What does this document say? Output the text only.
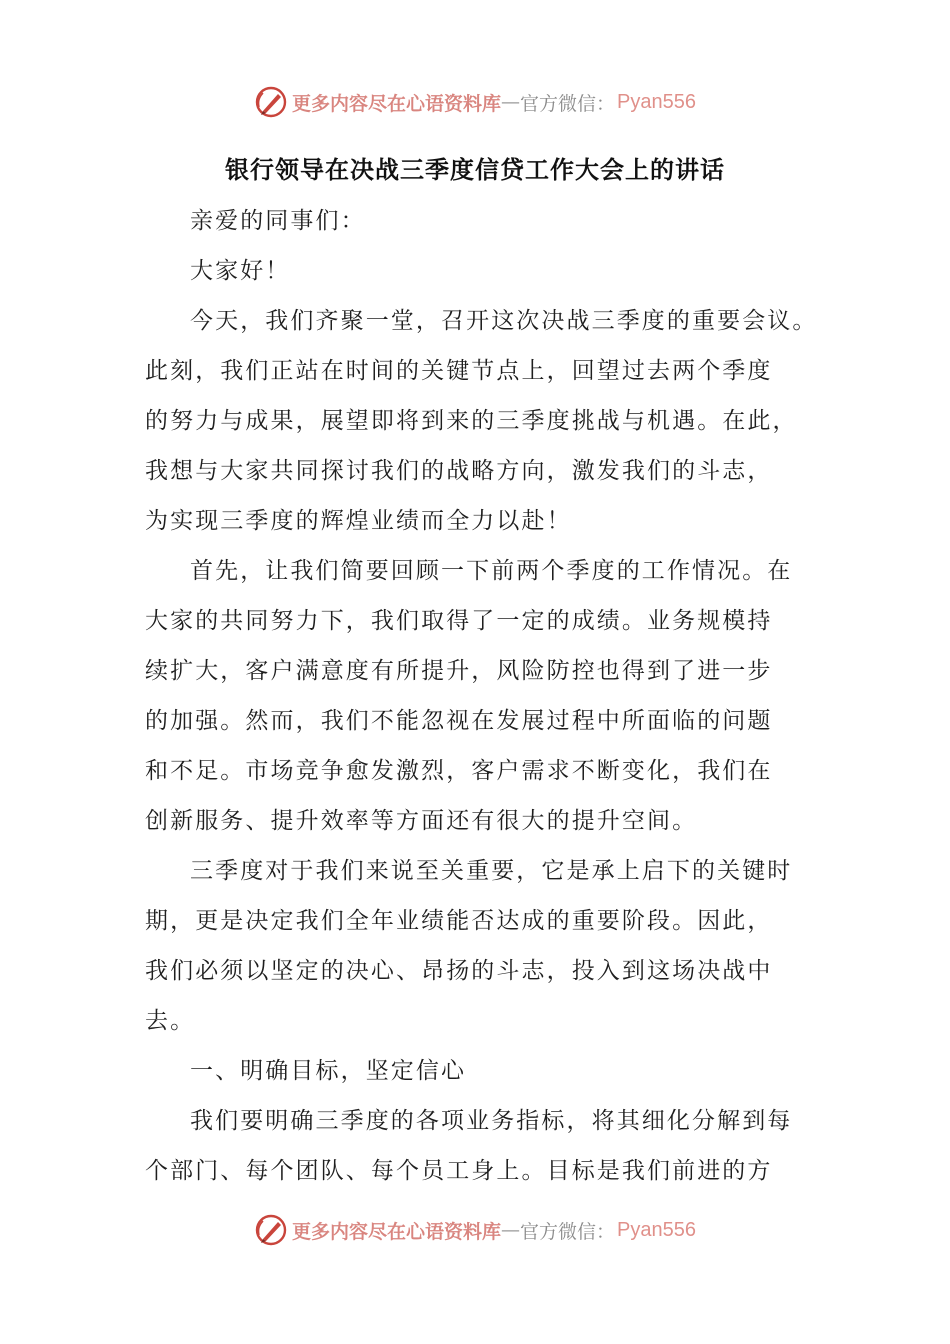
更多内容尽在心语资料库 — 官方微信： Pyan556
银行领导在决战三季度信贷工作大会上的讲话
亲爱的同事们：
大家好！
今天，我们齐聚一堂，召开这次决战三季度的重要会议。
此刻，我们正站在时间的关键节点上，回望过去两个季度
的努力与成果，展望即将到来的三季度挑战与机遇。在此，
我想与大家共同探讨我们的战略方向，激发我们的斗志，
为实现三季度的辉煌业绩而全力以赴！
首先，让我们简要回顾一下前两个季度的工作情况。在
大家的共同努力下，我们取得了一定的成绩。业务规模持
续扩大，客户满意度有所提升，风险防控也得到了进一步
的加强。然而，我们不能忽视在发展过程中所面临的问题
和不足。市场竞争愈发激烈，客户需求不断变化，我们在
创新服务、提升效率等方面还有很大的提升空间。
三季度对于我们来说至关重要，它是承上启下的关键时
期，更是决定我们全年业绩能否达成的重要阶段。因此，
我们必须以坚定的决心、昂扬的斗志，投入到这场决战中
去。
一、明确目标，坚定信心
我们要明确三季度的各项业务指标，将其细化分解到每
个部门、每个团队、每个员工身上。目标是我们前进的方
更多内容尽在心语资料库 — 官方微信： Pyan556
